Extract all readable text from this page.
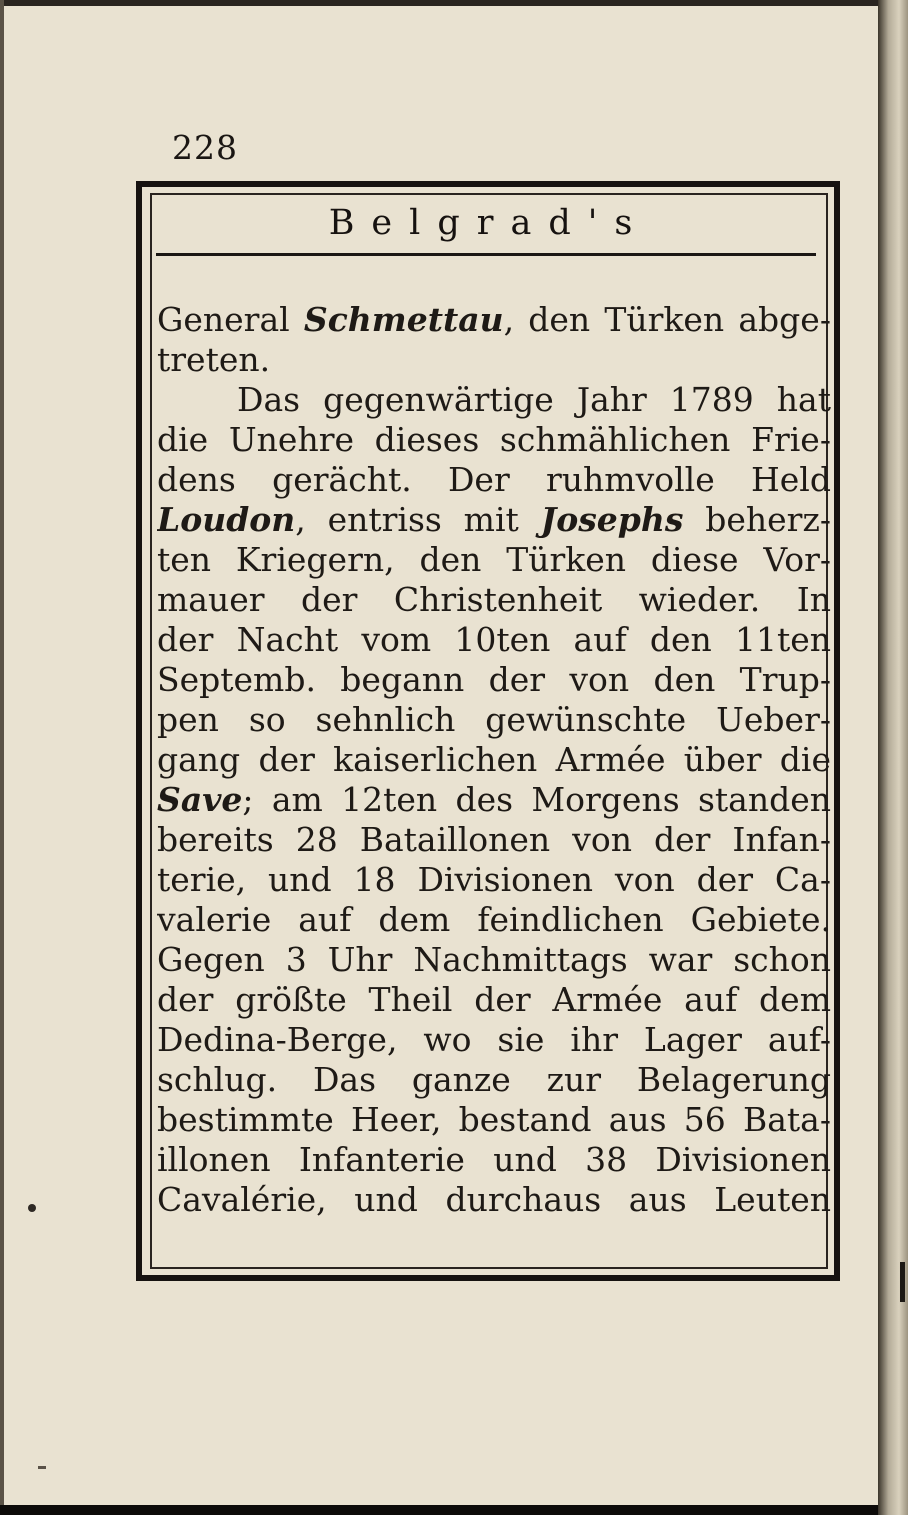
228
Belgrad's
General Schmettau, den Türken abge-
treten.
Das gegenwärtige Jahr 1789 hat
die Unehre dieses schmählichen Frie-
dens gerächt. Der ruhmvolle Held
Loudon, entriss mit Josephs beherz-
ten Kriegern, den Türken diese Vor-
mauer der Christenheit wieder. In
der Nacht vom 10ten auf den 11ten
Septemb. begann der von den Trup-
pen so sehnlich gewünschte Ueber-
gang der kaiserlichen Armée über die
Save; am 12ten des Morgens standen
bereits 28 Bataillonen von der Infan-
terie, und 18 Divisionen von der Ca-
valerie auf dem feindlichen Gebiete.
Gegen 3 Uhr Nachmittags war schon
der größte Theil der Armée auf dem
Dedina-Berge, wo sie ihr Lager auf-
schlug. Das ganze zur Belagerung
bestimmte Heer, bestand aus 56 Bata-
illonen Infanterie und 38 Divisionen
Cavalérie, und durchaus aus Leuten
